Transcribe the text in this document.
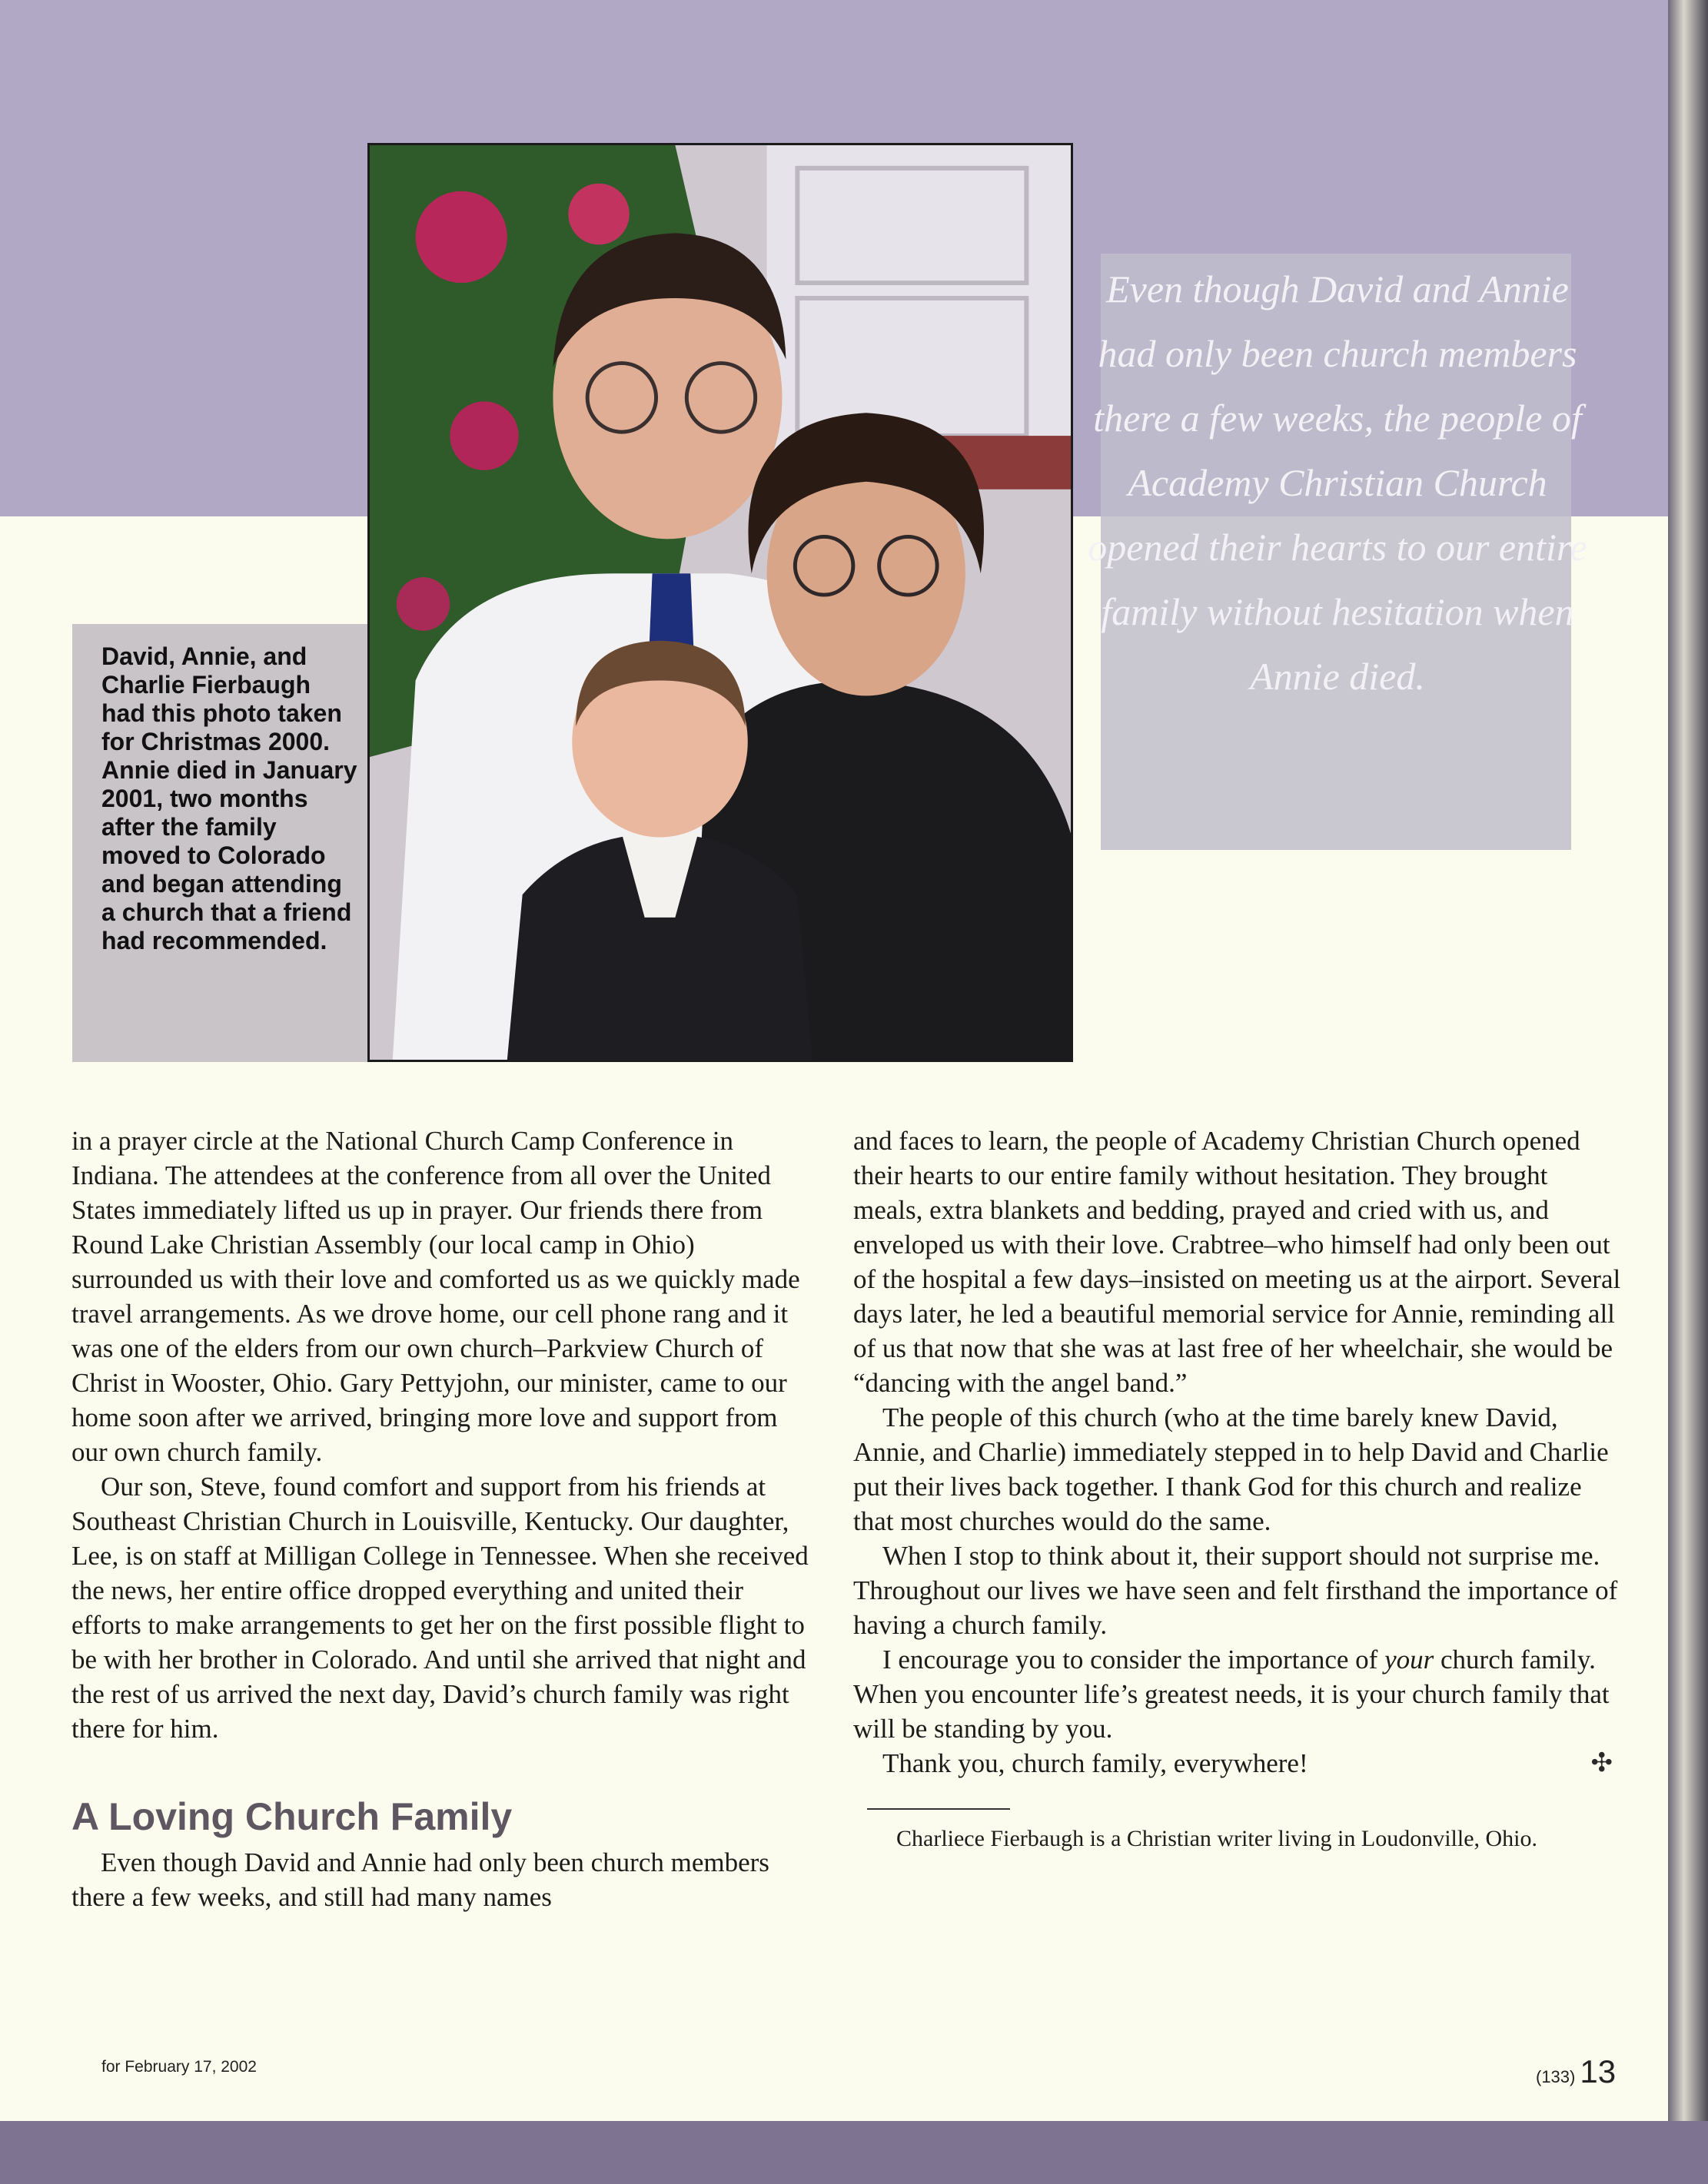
David, Annie, and Charlie Fierbaugh had this photo taken for Christmas 2000. Annie died in January 2001, two months after the family moved to Colorado and began attending a church that a friend had recommended.
Even though David and Annie had only been church members there a few weeks, the people of Academy Christian Church opened their hearts to our entire family without hesitation when Annie died.

in a prayer circle at the National Church Camp Conference in Indiana. The attendees at the conference from all over the United States immediately lifted us up in prayer. Our friends there from Round Lake Christian Assembly (our local camp in Ohio) surrounded us with their love and comforted us as we quickly made travel arrangements. As we drove home, our cell phone rang and it was one of the elders from our own church–Parkview Church of Christ in Wooster, Ohio. Gary Pettyjohn, our minister, came to our home soon after we arrived, bringing more love and support from our own church family.

Our son, Steve, found comfort and support from his friends at Southeast Christian Church in Louisville, Kentucky. Our daughter, Lee, is on staff at Milligan College in Tennessee. When she received the news, her entire office dropped everything and united their efforts to make arrangements to get her on the first possible flight to be with her brother in Colorado. And until she arrived that night and the rest of us arrived the next day, David’s church family was right there for him.

A Loving Church Family

Even though David and Annie had only been church members there a few weeks, and still had many names

and faces to learn, the people of Academy Christian Church opened their hearts to our entire family without hesitation. They brought meals, extra blankets and bedding, prayed and cried with us, and enveloped us with their love. Crabtree–who himself had only been out of the hospital a few days–insisted on meeting us at the airport. Several days later, he led a beautiful memorial service for Annie, reminding all of us that now that she was at last free of her wheelchair, she would be “dancing with the angel band.”

The people of this church (who at the time barely knew David, Annie, and Charlie) immediately stepped in to help David and Charlie put their lives back together. I thank God for this church and realize that most churches would do the same.

When I stop to think about it, their support should not surprise me. Throughout our lives we have seen and felt firsthand the importance of having a church family.

I encourage you to consider the importance of your church family. When you encounter life’s greatest needs, it is your church family that will be standing by you.

Thank you, church family, everywhere!	✣

Charliece Fierbaugh is a Christian writer living in Loudonville, Ohio.
for February 17, 2002
(133) 13
